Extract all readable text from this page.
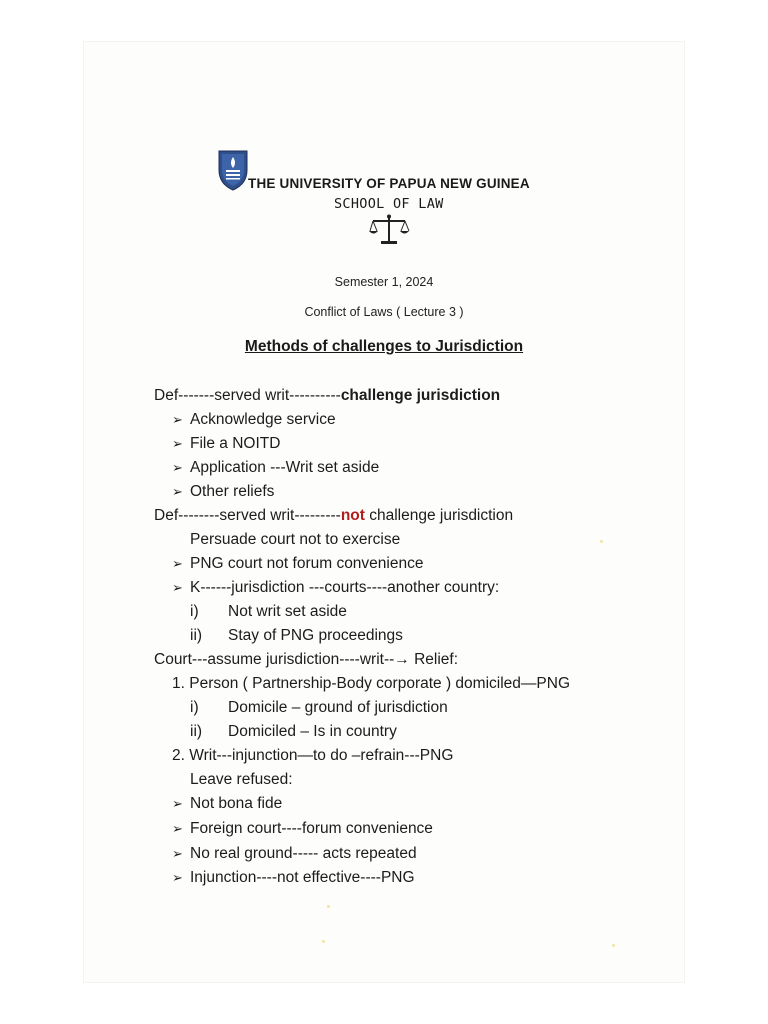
THE UNIVERSITY OF PAPUA NEW GUINEA
SCHOOL OF LAW
Semester 1, 2024
Conflict of Laws ( Lecture 3 )
Methods of challenges to Jurisdiction
Def-------served writ----------challenge jurisdiction
➢ Acknowledge service
➢ File a NOITD
➢ Application ---Writ set aside
➢ Other reliefs
Def--------served writ---------not challenge jurisdiction
Persuade court not to exercise
➢ PNG court not forum convenience
➢ K------jurisdiction ---courts----another country:
i) Not writ set aside
ii) Stay of PNG proceedings
Court---assume jurisdiction----writ--→ Relief:
1. Person ( Partnership-Body corporate ) domiciled—PNG
i) Domicile – ground of jurisdiction
ii) Domiciled – Is in country
2. Writ---injunction—to do –refrain---PNG
Leave refused:
➢ Not bona fide
➢ Foreign court----forum convenience
➢ No real ground----- acts repeated
➢ Injunction----not effective----PNG
